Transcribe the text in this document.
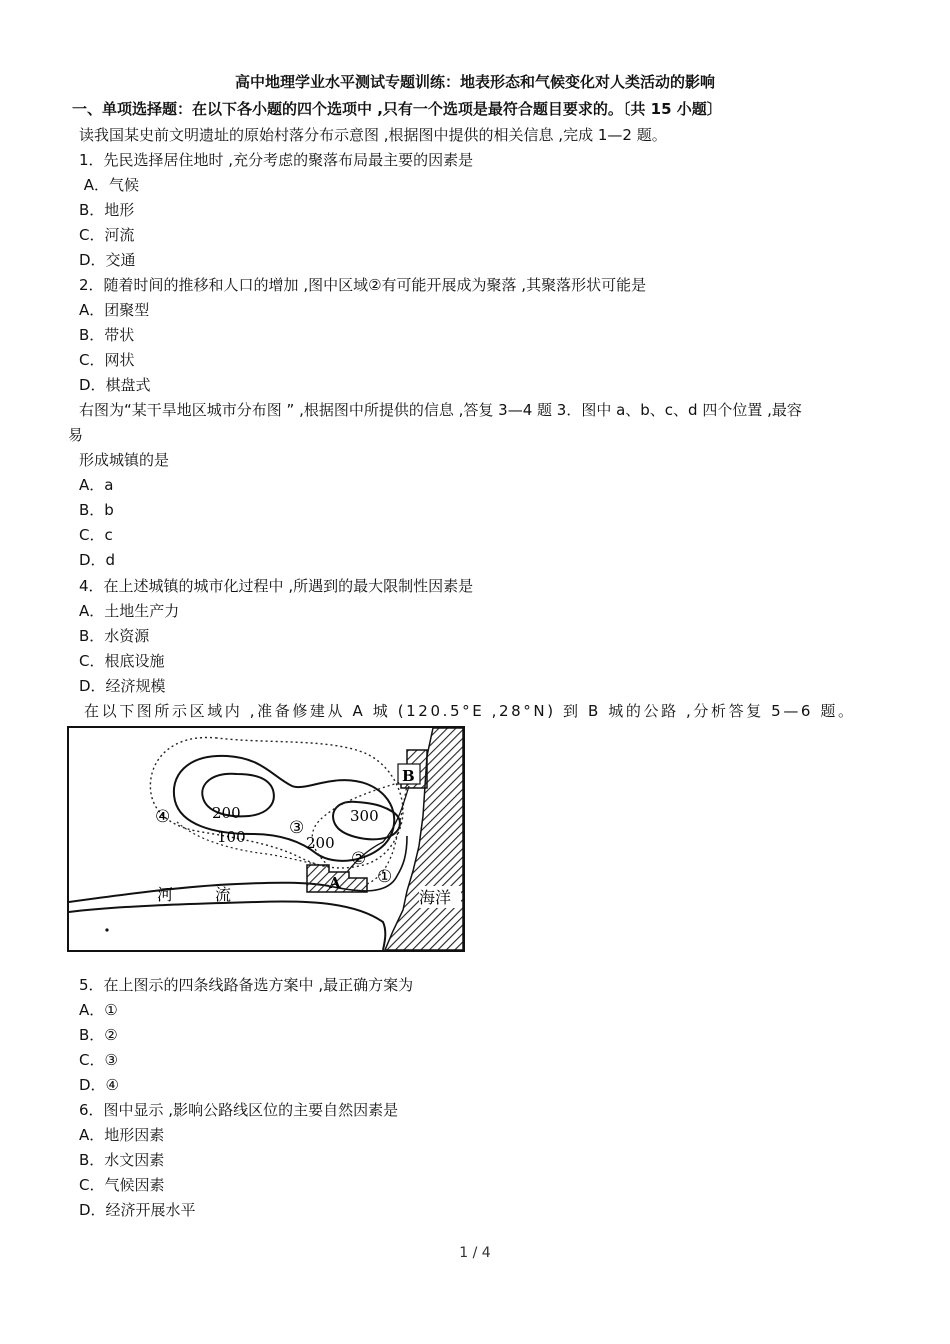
高中地理学业水平测试专题训练：地表形态和气候变化对人类活动的影响
一、单项选择题：在以下各小题的四个选项中 ,只有一个选项是最符合题目要求的。〔共 15 小题〕
读我国某史前文明遗址的原始村落分布示意图 ,根据图中提供的相关信息 ,完成 1—2 题。
1．先民选择居住地时 ,充分考虑的聚落布局最主要的因素是
A．气候
B．地形
C．河流
D．交通
2．随着时间的推移和人口的增加 ,图中区域②有可能开展成为聚落 ,其聚落形状可能是
A．团聚型
B．带状
C．网状
D．棋盘式
右图为“某干旱地区城市分布图 ” ,根据图中所提供的信息 ,答复 3—4 题 3．图中 a、b、c、d 四个位置 ,最容
易
形成城镇的是
A．a
B．b
C．c
D．d
4．在上述城镇的城市化过程中 ,所遇到的最大限制性因素是
A．土地生产力
B．水资源
C．根底设施
D．经济规模
在以下图所示区域内 ,准备修建从 A 城 (120.5°E ,28°N) 到 B 城的公路 ,分析答复 5—6 题。
200
100
300
200
①
②
③
④
A
B
河	流	海洋
5．在上图示的四条线路备选方案中 ,最正确方案为
A．①
B．②
C．③
D．④
6．图中显示 ,影响公路线区位的主要自然因素是
A．地形因素
B．水文因素
C．气候因素
D．经济开展水平
1 / 4
